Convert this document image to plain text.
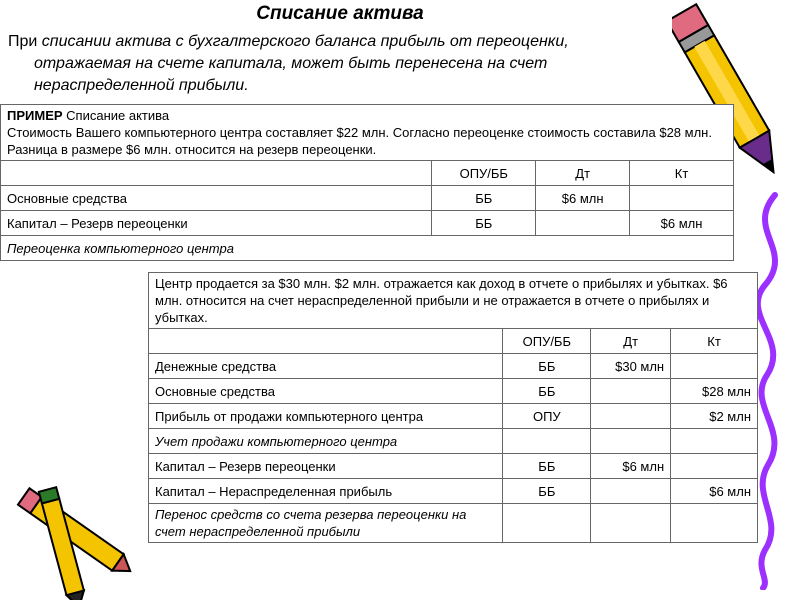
Списание актива
При списании актива с бухгалтерского баланса прибыль от переоценки,
отражаемая на счете капитала, может быть перенесена на счет
нераспределенной прибыли.
ПРИМЕР Списание актива
Стоимость Вашего компьютерного центра составляет $22 млн. Согласно переоценке стоимость составила $28 млн. Разница в размере $6 млн. относится на резерв переоценки.			
	ОПУ/ББ	Дт	Кт
Основные средства	ББ	$6 млн	
Капитал – Резерв переоценки	ББ		$6 млн
Переоценка компьютерного центра			
Центр продается за $30 млн. $2 млн. отражается как доход в отчете о прибылях и убытках. $6 млн. относится на счет нераспределенной прибыли и не отражается в отчете о прибылях и убытках.			
	ОПУ/ББ	Дт	Кт
Денежные средства	ББ	$30 млн	
Основные средства	ББ		$28 млн
Прибыль от продажи компьютерного центра	ОПУ		$2 млн
Учет продажи компьютерного центра			
Капитал – Резерв переоценки	ББ	$6 млн	
Капитал – Нераспределенная прибыль	ББ		$6 млн
Перенос средств со счета резерва переоценки на счет нераспределенной прибыли			
